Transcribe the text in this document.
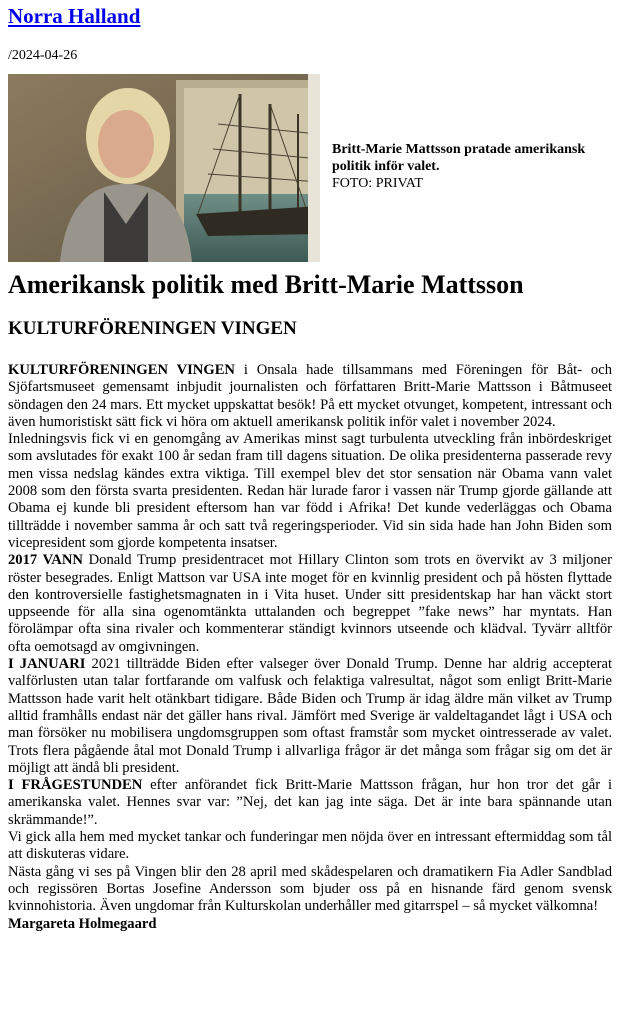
Norra Halland
/2024-04-26
Britt-Marie Mattsson pratade amerikansk politik inför valet.
FOTO: PRIVAT
Amerikansk politik med Britt-Marie Mattsson
KULTURFÖRENINGEN VINGEN

KULTURFÖRENINGEN VINGEN i Onsala hade tillsammans med Föreningen för Båt- och Sjöfartsmuseet gemensamt inbjudit journalisten och författaren Britt-Marie Mattsson i Båtmuseet söndagen den 24 mars. Ett mycket uppskattat besök! På ett mycket otvunget, kompetent, intressant och även humoristiskt sätt fick vi höra om aktuell amerikansk politik inför valet i november 2024.

Inledningsvis fick vi en genomgång av Amerikas minst sagt turbulenta utveckling från inbördeskriget som avslutades för exakt 100 år sedan fram till dagens situation. De olika presidenterna passerade revy men vissa nedslag kändes extra viktiga. Till exempel blev det stor sensation när Obama vann valet 2008 som den första svarta presidenten. Redan här lurade faror i vassen när Trump gjorde gällande att Obama ej kunde bli president eftersom han var född i Afrika! Det kunde vederläggas och Obama tillträdde i november samma år och satt två regeringsperioder. Vid sin sida hade han John Biden som vicepresident som gjorde kompetenta insatser.

2017 VANN Donald Trump presidentracet mot Hillary Clinton som trots en övervikt av 3 miljoner röster besegrades. Enligt Mattson var USA inte moget för en kvinnlig president och på hösten flyttade den kontroversielle fastighetsmagnaten in i Vita huset. Under sitt presidentskap har han väckt stort uppseende för alla sina ogenomtänkta uttalanden och begreppet ”fake news” har myntats. Han förolämpar ofta sina rivaler och kommenterar ständigt kvinnors utseende och klädval. Tyvärr alltför ofta oemotsagd av omgivningen.

I JANUARI 2021 tillträdde Biden efter valseger över Donald Trump. Denne har aldrig accepterat valförlusten utan talar fortfarande om valfusk och felaktiga valresultat, något som enligt Britt-Marie Mattsson hade varit helt otänkbart tidigare. Både Biden och Trump är idag äldre män vilket av Trump alltid framhålls endast när det gäller hans rival. Jämfört med Sverige är valdeltagandet lågt i USA och man försöker nu mobilisera ungdomsgruppen som oftast framstår som mycket ointresserade av valet. Trots flera pågående åtal mot Donald Trump i allvarliga frågor är det många som frågar sig om det är möjligt att ändå bli president.

I FRÅGESTUNDEN efter anförandet fick Britt-Marie Mattsson frågan, hur hon tror det går i amerikanska valet. Hennes svar var: ”Nej, det kan jag inte säga. Det är inte bara spännande utan skrämmande!”.

Vi gick alla hem med mycket tankar och funderingar men nöjda över en intressant eftermiddag som tål att diskuteras vidare.

Nästa gång vi ses på Vingen blir den 28 april med skådespelaren och dramatikern Fia Adler Sandblad och regissören Bortas Josefine Andersson som bjuder oss på en hisnande färd genom svensk kvinnohistoria. Även ungdomar från Kulturskolan underhåller med gitarrspel – så mycket välkomna!

Margareta Holmegaard
